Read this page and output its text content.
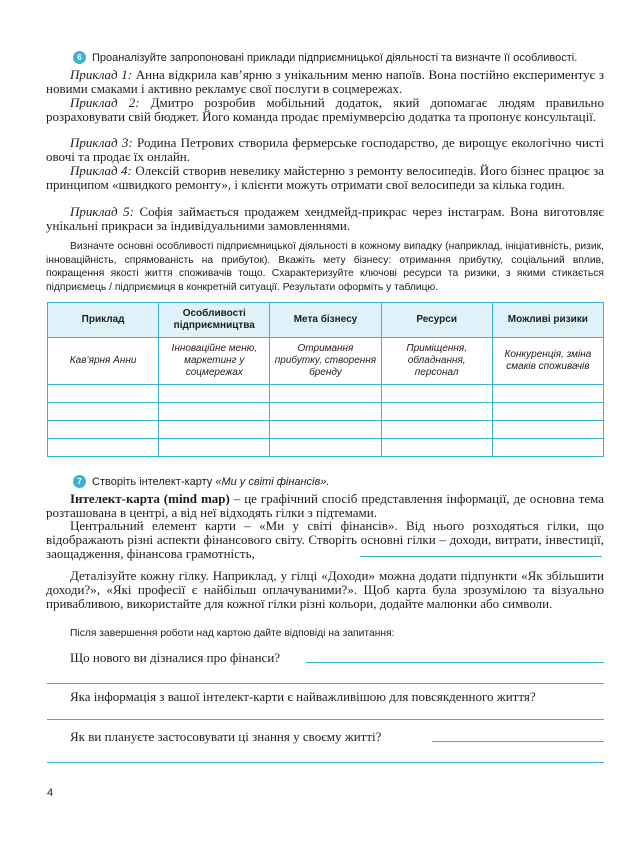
6 Проаналізуйте запропоновані приклади підприємницької діяльності та визначте її особливості.

Приклад 1: Анна відкрила кав’ярню з унікальним меню напоїв. Вона постійно експериментує з новими смаками і активно рекламує свої послуги в соцмережах.

Приклад 2: Дмитро розробив мобільний додаток, який допомагає людям правильно розраховувати свій бюджет. Його команда продає преміумверсію додатка та пропонує консультації.

Приклад 3: Родина Петрових створила фермерське господарство, де вирощує екологічно чисті овочі та продає їх онлайн.

Приклад 4: Олексій створив невелику майстерню з ремонту велосипедів. Його бізнес працює за принципом «швидкого ремонту», і клієнти можуть отримати свої велосипеди за кілька годин.

Приклад 5: Софія займається продажем хендмейд-прикрас через інстаграм. Вона виготовляє унікальні прикраси за індивідуальними замовленнями.

Визначте основні особливості підприємницької діяльності в кожному випадку (наприклад, ініціативність, ризик, інноваційність, спрямованість на прибуток). Вкажіть мету бізнесу: отримання прибутку, соціальний вплив, покращення якості життя споживачів тощо. Схарактеризуйте ключові ресурси та ризики, з якими стикається підприємець / підприємиця в конкретній ситуації. Результати оформіть у таблицю.

Приклад	Особливості підприємництва	Мета бізнесу	Ресурси	Можливі ризики
Кав’ярня Анни	Інноваційне меню, маркетинг у соцмережах	Отримання прибутку, створення бренду	Приміщення, обладнання, персонал	Конкуренція, зміна смаків споживачів

7 Створіть інтелект-карту «Ми у світі фінансів».

Інтелект-карта (mind map) – це графічний спосіб представлення інформації, де основна тема розташована в центрі, а від неї відходять гілки з підтемами.

Центральний елемент карти – «Ми у світі фінансів». Від нього розходяться гілки, що відображають різні аспекти фінансового світу. Створіть основні гілки – доходи, витрати, інвестиції, заощадження, фінансова грамотність,

Деталізуйте кожну гілку. Наприклад, у гілці «Доходи» можна додати підпункти «Як збільшити доходи?», «Які професії є найбільш оплачуваними?». Щоб карта була зрозумілою та візуально привабливою, використайте для кожної гілки різні кольори, додайте малюнки або символи.

Після завершення роботи над картою дайте відповіді на запитання:

Що нового ви дізналися про фінанси?
Яка інформація з вашої інтелект-карти є найважливішою для повсякденного життя?
Як ви плануєте застосовувати ці знання у своєму житті?
4
